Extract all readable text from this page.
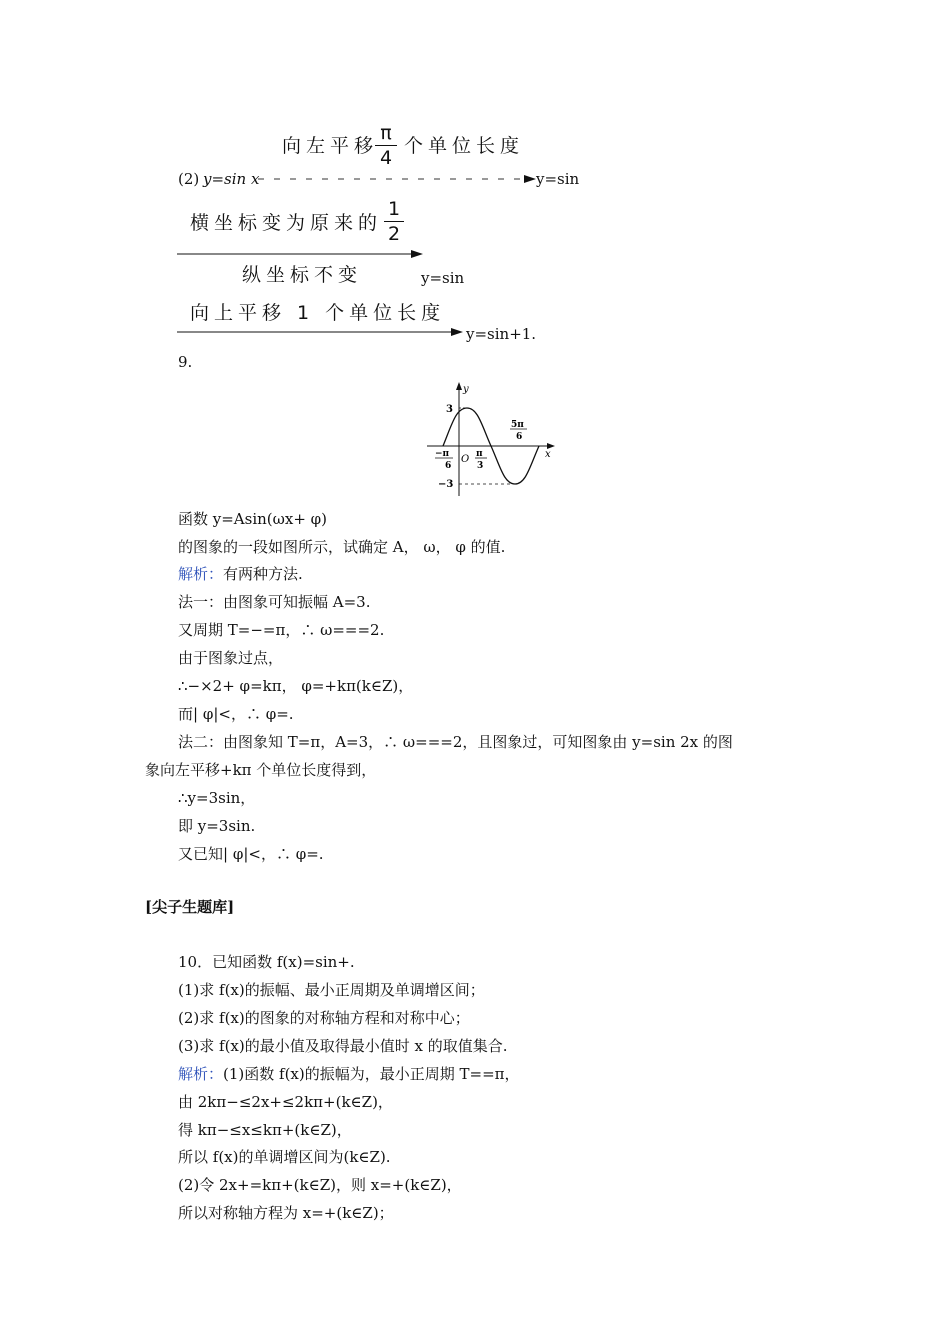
向左平移
π
4
个单位长度
(2) y=sin x	y=sin
横坐标变为原来的
1
2
纵坐标不变	y=sin
向上平移 1 个单位长度
y=sin+1.
9.
y
x
3
−3
O
−π
6
π
3
5π
6
函数 y=Asin(ωx+ φ)
的图象的一段如图所示，试确定 A， ω， φ 的值.
解析：有两种方法.
法一：由图象可知振幅 A=3.
又周期 T=−=π，∴ ω===2.
由于图象过点，
∴−×2+ φ=kπ， φ=+kπ(k∈Z)，
而| φ|<，∴ φ=.
法二：由图象知 T=π，A=3，∴ ω===2，且图象过，可知图象由 y=sin 2x 的图
象向左平移+kπ 个单位长度得到，
∴y=3sin，
即 y=3sin.
又已知| φ|<，∴ φ=.
[尖子生题库]
10．已知函数 f(x)=sin+.
(1)求 f(x)的振幅、最小正周期及单调增区间；
(2)求 f(x)的图象的对称轴方程和对称中心；
(3)求 f(x)的最小值及取得最小值时 x 的取值集合.
解析：(1)函数 f(x)的振幅为，最小正周期 T==π，
由 2kπ−≤2x+≤2kπ+(k∈Z)，
得 kπ−≤x≤kπ+(k∈Z)，
所以 f(x)的单调增区间为(k∈Z).
(2)令 2x+=kπ+(k∈Z)，则 x=+(k∈Z)，
所以对称轴方程为 x=+(k∈Z)；
